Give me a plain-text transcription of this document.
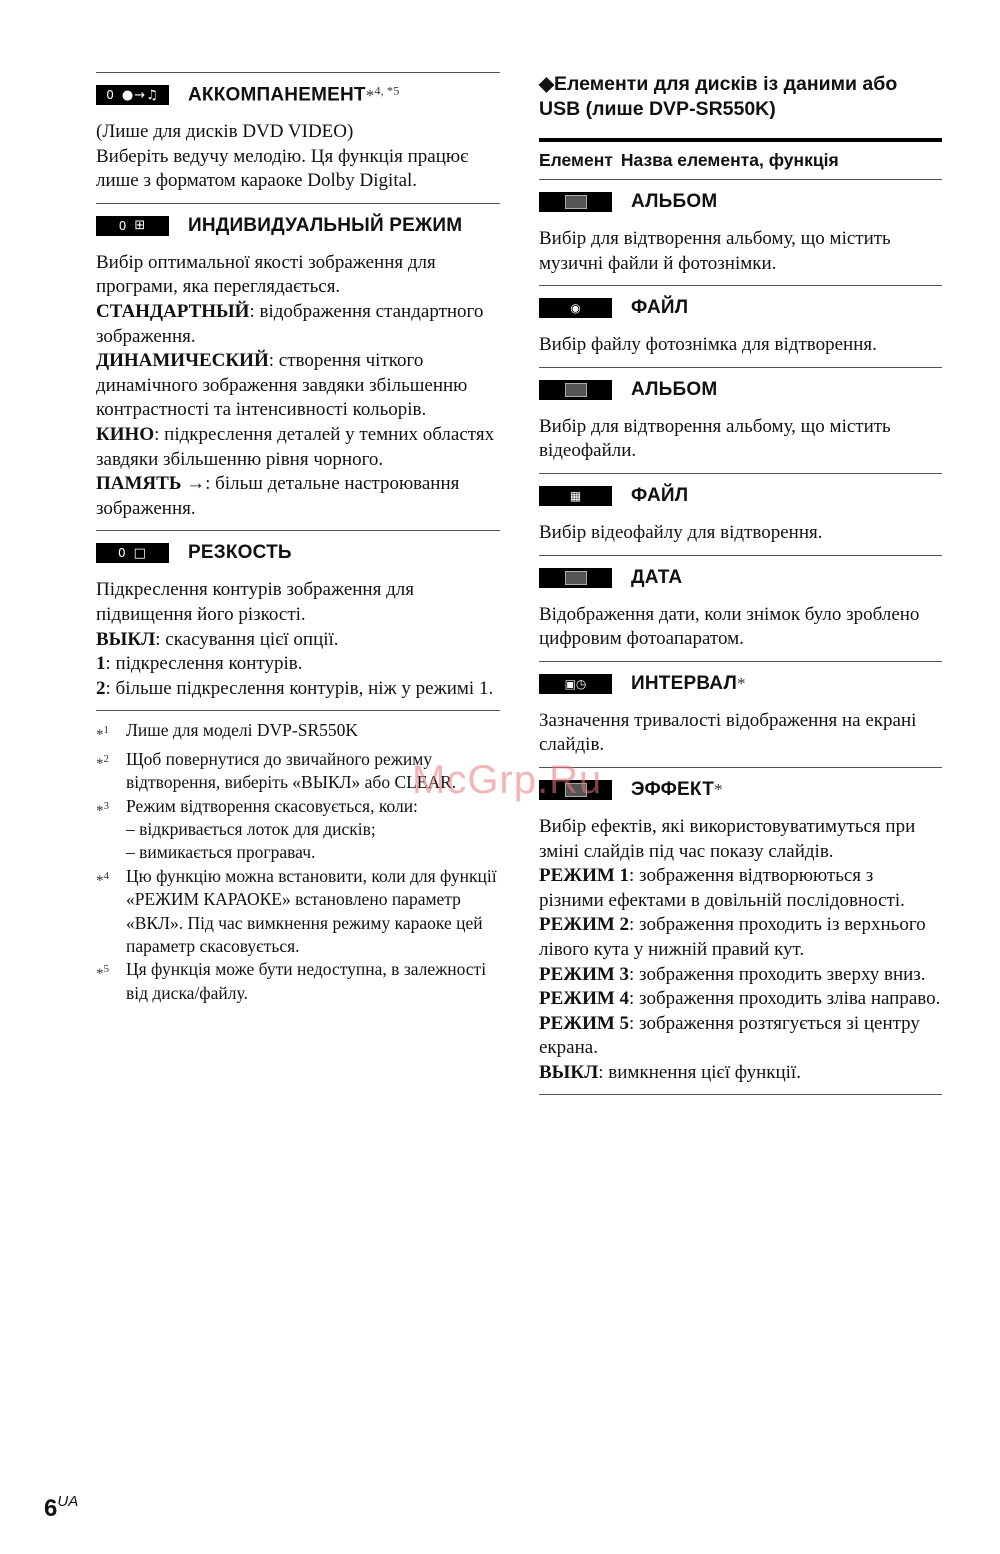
0 ●→♫ АККОМПАНЕМЕНТ*$^{4, *5}$

(Лише для дисків DVD VIDEO)

Виберіть ведучу мелодію. Ця функція працює лише з форматом караоке Dolby Digital.

0 ⊞ ИНДИВИДУАЛЬНЫЙ РЕЖИМ

Вибір оптимальної якості зображення для програми, яка переглядається.

СТАНДАРТНЫЙ: відображення стандартного зображення.

ДИНАМИЧЕСКИЙ: створення чіткого динамічного зображення завдяки збільшенню контрастності та інтенсивності кольорів.

КИНО: підкреслення деталей у темних областях завдяки збільшенню рівня чорного.

ПАМЯТЬ →: більш детальне настроювання зображення.

0 □ РЕЗКОСТЬ

Підкреслення контурів зображення для підвищення його різкості.

ВЫКЛ: скасування цієї опції.

1: підкреслення контурів.

2: більше підкреслення контурів, ніж у режимі 1.

*$^1$ Лише для моделі DVP-SR550K
*$^2$ Щоб повернутися до звичайного режиму відтворення, виберіть «ВЫКЛ» або CLEAR.
*$^3$ Режим відтворення скасовується, коли:
– відкривається лоток для дисків;
– вимикається програвач.
*$^4$ Цю функцію можна встановити, коли для функції «РЕЖИМ КАРАОКЕ» встановлено параметр «ВКЛ». Під час вимкнення режиму караоке цей параметр скасовується.
*$^5$ Ця функція може бути недоступна, в залежності від диска/файлу.
◆Елементи для дисків із даними або USB (лише DVP-SR550K)
Елемент Назва елемента, функція
АЛЬБОМ
Вибір для відтворення альбому, що містить музичні файли й фотознімки.
◉	ФАЙЛ
Вибір файлу фотознімка для відтворення.
АЛЬБОМ
Вибір для відтворення альбому, що містить відеофайли.
▦	ФАЙЛ
Вибір відеофайлу для відтворення.
ДАТА
Відображення дати, коли знімок було зроблено цифровим фотоапаратом.
▣◷ ИНТЕРВАЛ*
Зазначення тривалості відображення на екрані слайдів.
ЭФФЕКТ*

Вибір ефектів, які використовуватимуться при зміні слайдів під час показу слайдів.

РЕЖИМ 1: зображення відтворюються з різними ефектами в довільній послідовності.

РЕЖИМ 2: зображення проходить із верхнього лівого кута у нижній правий кут.

РЕЖИМ 3: зображення проходить зверху вниз.

РЕЖИМ 4: зображення проходить зліва направо.

РЕЖИМ 5: зображення розтягується зі центру екрана.

ВЫКЛ: вимкнення цієї функції.

McGrp.Ru
$6^{UA}$
